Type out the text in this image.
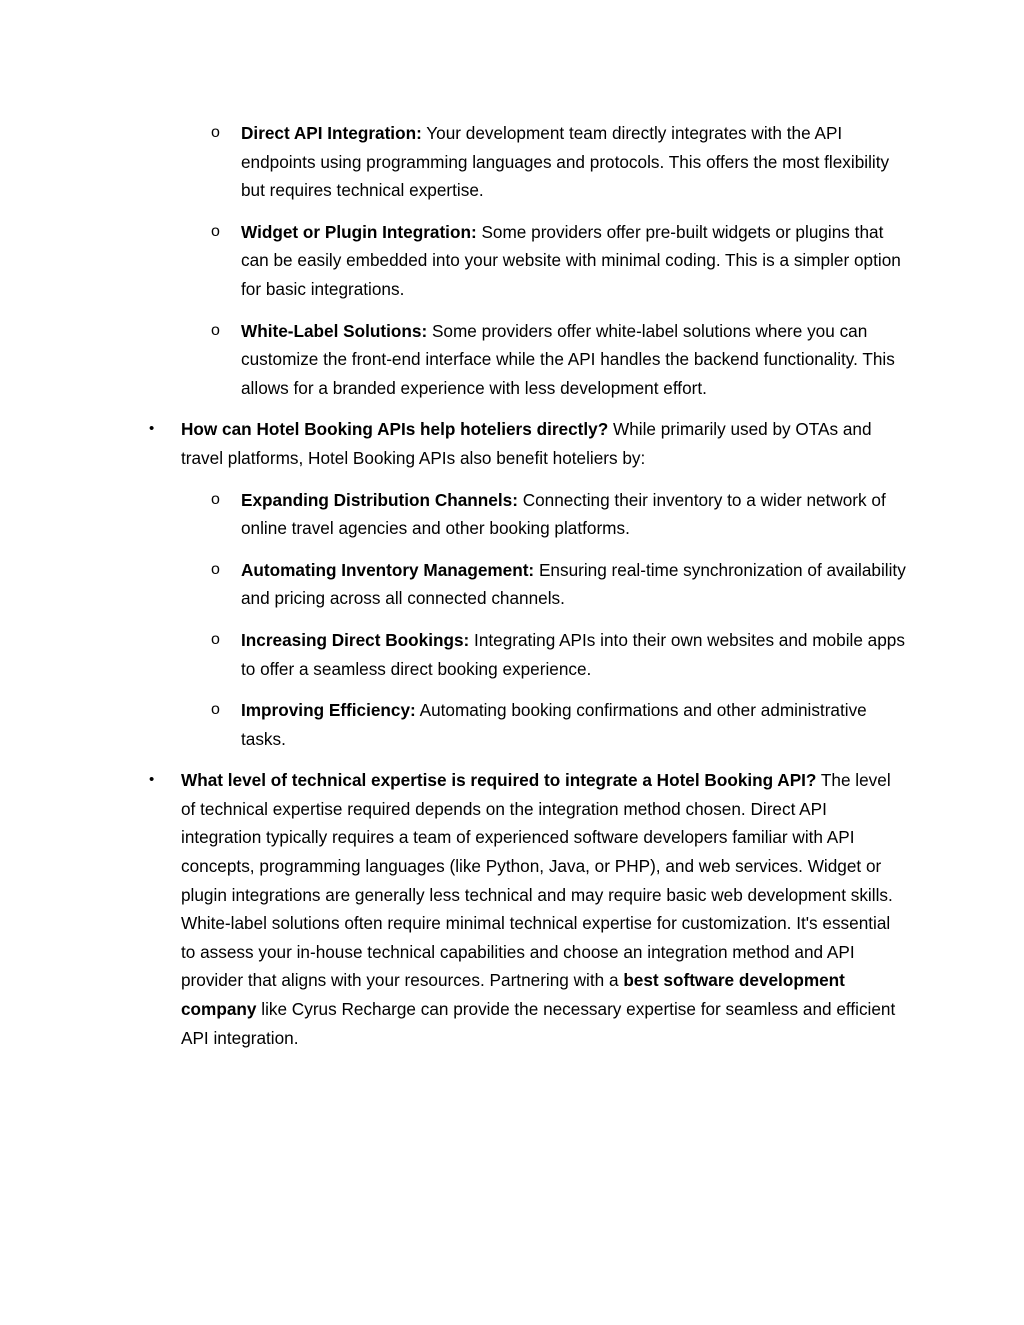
o Direct API Integration: Your development team directly integrates with the API endpoints using programming languages and protocols. This offers the most flexibility but requires technical expertise.

o Widget or Plugin Integration: Some providers offer pre-built widgets or plugins that can be easily embedded into your website with minimal coding. This is a simpler option for basic integrations.

o White-Label Solutions: Some providers offer white-label solutions where you can customize the front-end interface while the API handles the backend functionality. This allows for a branded experience with less development effort.

• How can Hotel Booking APIs help hoteliers directly? While primarily used by OTAs and travel platforms, Hotel Booking APIs also benefit hoteliers by:

o Expanding Distribution Channels: Connecting their inventory to a wider network of online travel agencies and other booking platforms.

o Automating Inventory Management: Ensuring real-time synchronization of availability and pricing across all connected channels.

o Increasing Direct Bookings: Integrating APIs into their own websites and mobile apps to offer a seamless direct booking experience.

o Improving Efficiency: Automating booking confirmations and other administrative tasks.

• What level of technical expertise is required to integrate a Hotel Booking API? The level of technical expertise required depends on the integration method chosen. Direct API integration typically requires a team of experienced software developers familiar with API concepts, programming languages (like Python, Java, or PHP), and web services. Widget or plugin integrations are generally less technical and may require basic web development skills. White-label solutions often require minimal technical expertise for customization. It's essential to assess your in-house technical capabilities and choose an integration method and API provider that aligns with your resources. Partnering with a best software development company like Cyrus Recharge can provide the necessary expertise for seamless and efficient API integration.
